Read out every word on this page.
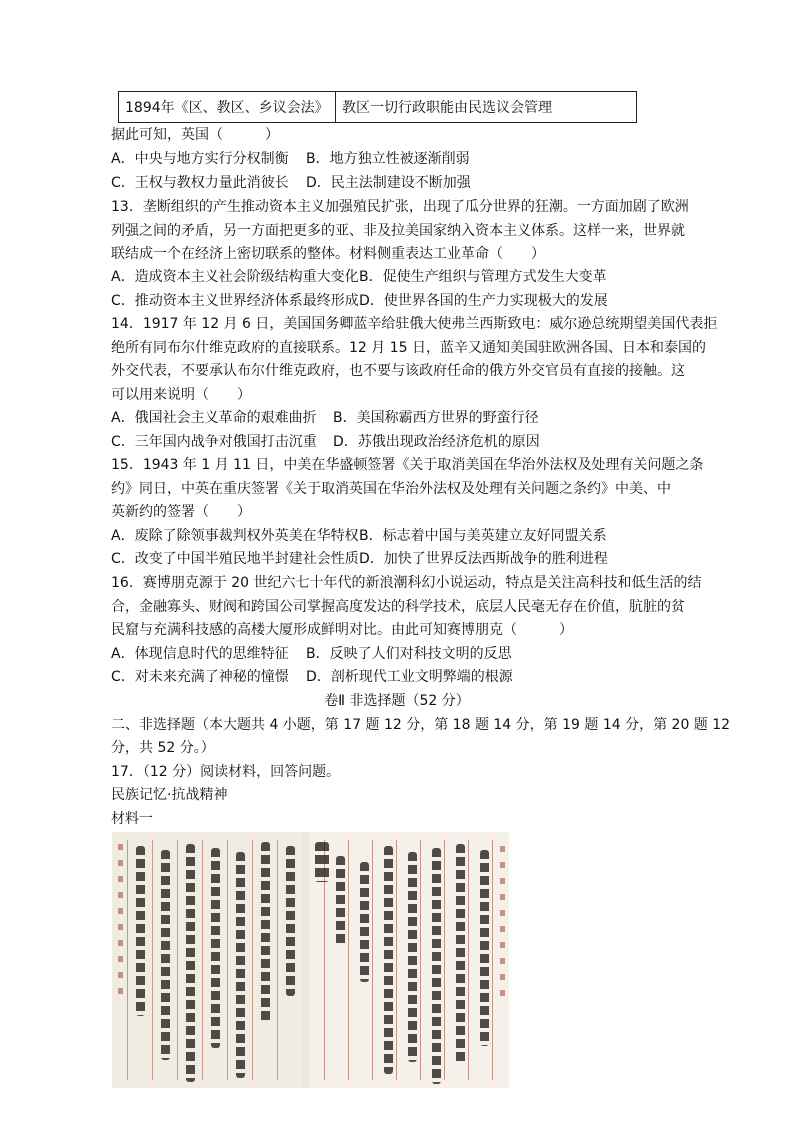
1894年《区、教区、乡议会法》 教区一切行政职能由民选议会管理
据此可知，英国（　　　）
A．中央与地方实行分权制衡 B．地方独立性被逐渐削弱
C．王权与教权力量此消彼长 D．民主法制建设不断加强
13．垄断组织的产生推动资本主义加强殖民扩张，出现了瓜分世界的狂潮。一方面加剧了欧洲
列强之间的矛盾，另一方面把更多的亚、非及拉美国家纳入资本主义体系。这样一来，世界就
联结成一个在经济上密切联系的整体。材料侧重表达工业革命（　　）
A．造成资本主义社会阶级结构重大变化 B．促使生产组织与管理方式发生大变革
C．推动资本主义世界经济体系最终形成 D．使世界各国的生产力实现极大的发展
14．1917 年 12 月 6 日，美国国务卿蓝辛给驻俄大使弗兰西斯致电：威尔逊总统期望美国代表拒
绝所有同布尔什维克政府的直接联系。12 月 15 日，蓝辛又通知美国驻欧洲各国、日本和泰国的
外交代表，不要承认布尔什维克政府，也不要与该政府任命的俄方外交官员有直接的接触。这
可以用来说明（　　）
A．俄国社会主义革命的艰难曲折 B．美国称霸西方世界的野蛮行径
C．三年国内战争对俄国打击沉重 D．苏俄出现政治经济危机的原因
15．1943 年 1 月 11 日，中美在华盛顿签署《关于取消美国在华治外法权及处理有关问题之条
约》同日，中英在重庆签署《关于取消英国在华治外法权及处理有关问题之条约》中美、中
英新约的签署（　　）
A．废除了除领事裁判权外英美在华特权 B．标志着中国与美英建立友好同盟关系
C．改变了中国半殖民地半封建社会性质 D．加快了世界反法西斯战争的胜利进程
16．赛博朋克源于 20 世纪六七十年代的新浪潮科幻小说运动，特点是关注高科技和低生活的结
合，金融寡头、财阀和跨国公司掌握高度发达的科学技术，底层人民毫无存在价值，肮脏的贫
民窟与充满科技感的高楼大厦形成鲜明对比。由此可知赛博朋克（　　　）
A．体现信息时代的思维特征 B．反映了人们对科技文明的反思
C．对未来充满了神秘的憧憬 D．剖析现代工业文明弊端的根源
卷Ⅱ 非选择题（52 分）
二、非选择题（本大题共 4 小题，第 17 题 12 分，第 18 题 14 分，第 19 题 14 分，第 20 题 12
分，共 52 分。）
17．（12 分）阅读材料，回答问题。
民族记忆·抗战精神
材料一
